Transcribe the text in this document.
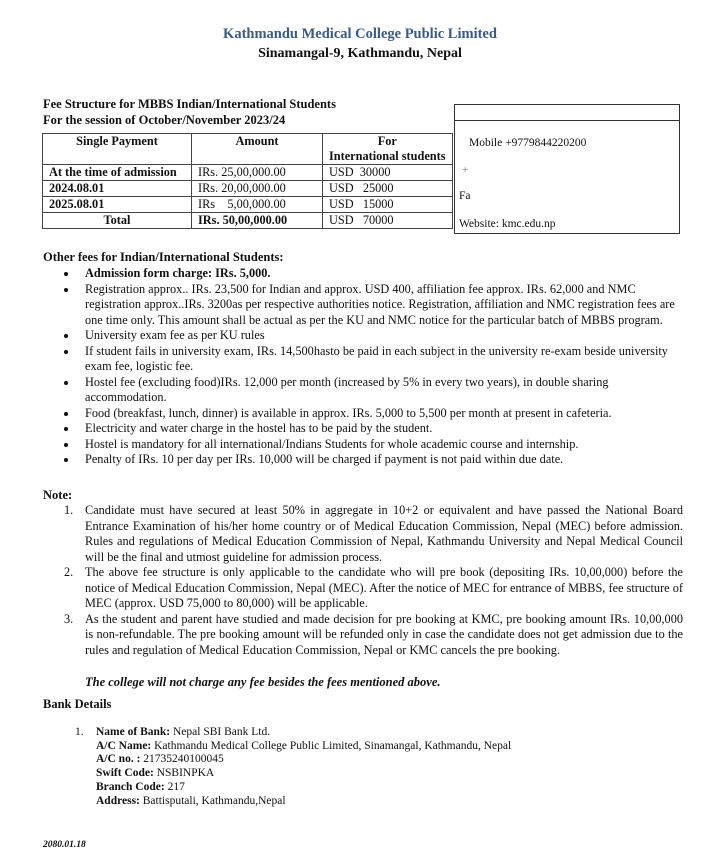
Kathmandu Medical College Public Limited
Sinamangal-9, Kathmandu, Nepal
Fee Structure for MBBS Indian/International Students
For the session of October/November 2023/24
Single Payment	Amount	For
International students

At the time of admission	IRs. 25,00,000.00	USD  30000
2024.08.01	IRs. 20,00,000.00	USD   25000
2025.08.01	IRs    5,00,000.00	USD   15000
Total	IRs. 50,00,000.00	USD   70000
Mobile +9779844220200
+
Fa
Website: kmc.edu.np
Other fees for Indian/International Students:
Admission form charge: IRs. 5,000.
Registration approx.. IRs. 23,500 for Indian and approx. USD 400, affiliation fee approx. IRs. 62,000 and NMC registration approx..IRs. 3200as per respective authorities notice. Registration, affiliation and NMC registration fees are one time only. This amount shall be actual as per the KU and NMC notice for the particular batch of MBBS program.
University exam fee as per KU rules
If student fails in university exam, IRs. 14,500hasto be paid in each subject in the university re-exam beside university exam fee, logistic fee.
Hostel fee (excluding food)IRs. 12,000 per month (increased by 5% in every two years), in double sharing accommodation.
Food (breakfast, lunch, dinner) is available in approx. IRs. 5,000 to 5,500 per month at present in cafeteria.
Electricity and water charge in the hostel has to be paid by the student.
Hostel is mandatory for all international/Indians Students for whole academic course and internship.
Penalty of IRs. 10 per day per IRs. 10,000 will be charged if payment is not paid within due date.
Note:
1. Candidate must have secured at least 50% in aggregate in 10+2 or equivalent and have passed the National Board Entrance Examination of his/her home country or of Medical Education Commission, Nepal (MEC) before admission. Rules and regulations of Medical Education Commission of Nepal, Kathmandu University and Nepal Medical Council will be the final and utmost guideline for admission process.
2. The above fee structure is only applicable to the candidate who will pre book (depositing IRs. 10,00,000) before the notice of Medical Education Commission, Nepal (MEC). After the notice of MEC for entrance of MBBS, fee structure of MEC (approx. USD 75,000 to 80,000) will be applicable.
3. As the student and parent have studied and made decision for pre booking at KMC, pre booking amount IRs. 10,00,000 is non-refundable. The pre booking amount will be refunded only in case the candidate does not get admission due to the rules and regulation of Medical Education Commission, Nepal or KMC cancels the pre booking.
The college will not charge any fee besides the fees mentioned above.
Bank Details
1. Name of Bank: Nepal SBI Bank Ltd.
A/C Name: Kathmandu Medical College Public Limited, Sinamangal, Kathmandu, Nepal
A/C no. : 21735240100045
Swift Code: NSBINPKA
Branch Code: 217
Address: Battisputali, Kathmandu,Nepal
2080.01.18
